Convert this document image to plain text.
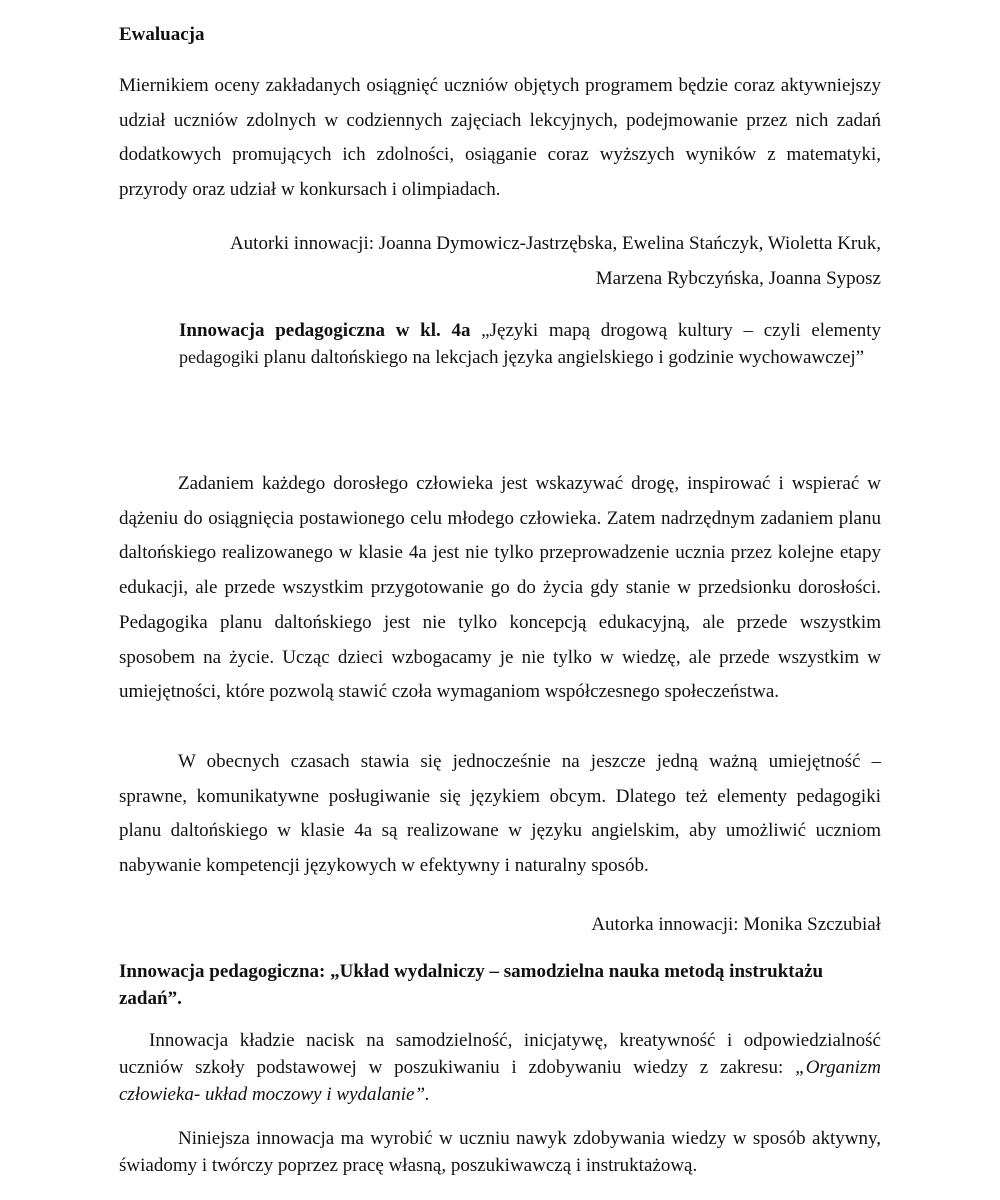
Ewaluacja

Miernikiem oceny zakładanych osiągnięć uczniów objętych programem będzie coraz aktywniejszy udział uczniów zdolnych w codziennych zajęciach lekcyjnych, podejmowanie przez nich zadań dodatkowych promujących ich zdolności, osiąganie coraz wyższych wyników z matematyki, przyrody oraz udział w konkursach i olimpiadach.

Autorki innowacji: Joanna Dymowicz-Jastrzębska, Ewelina Stańczyk, Wioletta Kruk,
Marzena Rybczyńska, Joanna Syposz
Innowacja pedagogiczna w kl. 4a „Języki mapą drogową kultury – czyli elementy pedagogiki planu daltońskiego na lekcjach języka angielskiego i godzinie wychowawczej”

Zadaniem każdego dorosłego człowieka jest wskazywać drogę, inspirować i wspierać w dążeniu do osiągnięcia postawionego celu młodego człowieka. Zatem nadrzędnym zadaniem planu daltońskiego realizowanego w klasie 4a jest nie tylko przeprowadzenie ucznia przez kolejne etapy edukacji, ale przede wszystkim przygotowanie go do życia gdy stanie w przedsionku dorosłości. Pedagogika planu daltońskiego jest nie tylko koncepcją edukacyjną, ale przede wszystkim sposobem na życie. Ucząc dzieci wzbogacamy je nie tylko w wiedzę, ale przede wszystkim w umiejętności, które pozwolą stawić czoła wymaganiom współczesnego społeczeństwa.

W obecnych czasach stawia się jednocześnie na jeszcze jedną ważną umiejętność – sprawne, komunikatywne posługiwanie się językiem obcym. Dlatego też elementy pedagogiki planu daltońskiego w klasie 4a są realizowane w języku angielskim, aby umożliwić uczniom nabywanie kompetencji językowych w efektywny i naturalny sposób.

Autorka innowacji: Monika Szczubiał
Innowacja pedagogiczna: „Układ wydalniczy – samodzielna nauka metodą instruktażu zadań”.

Innowacja kładzie nacisk na samodzielność, inicjatywę, kreatywność i odpowiedzialność uczniów szkoły podstawowej w poszukiwaniu i zdobywaniu wiedzy z zakresu: „Organizm człowieka- układ moczowy i wydalanie”.

Niniejsza innowacja ma wyrobić w uczniu nawyk zdobywania wiedzy w sposób aktywny, świadomy i twórczy poprzez pracę własną, poszukiwawczą i instruktażową.
